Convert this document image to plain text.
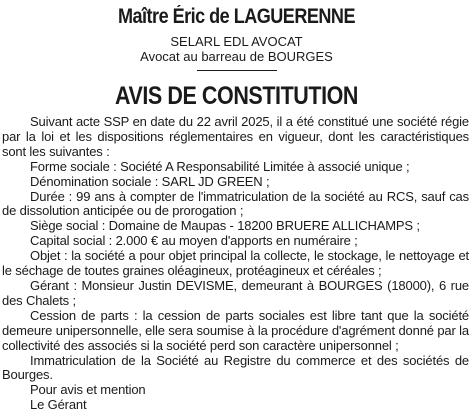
Maître Éric de LAGUERENNE
SELARL EDL AVOCAT
Avocat au barreau de BOURGES
AVIS DE CONSTITUTION

Suivant acte SSP en date du 22 avril 2025, il a été constitué une société régie par la loi et les dispositions réglementaires en vigueur, dont les caractéristiques sont les suivantes :

Forme sociale : Société A Responsabilité Limitée à associé unique ;

Dénomination sociale : SARL JD GREEN ;

Durée : 99 ans à compter de l'immatriculation de la société au RCS, sauf cas de dissolution anticipée ou de prorogation ;

Siège social : Domaine de Maupas - 18200 BRUERE ALLICHAMPS ;

Capital social : 2.000 € au moyen d'apports en numéraire ;

Objet : la société a pour objet principal la collecte, le stockage, le nettoyage et le séchage de toutes graines oléagineux, protéagineux et céréales ;

Gérant : Monsieur Justin DEVISME, demeurant à BOURGES (18000), 6 rue des Chalets ;

Cession de parts : la cession de parts sociales est libre tant que la société demeure unipersonnelle, elle sera soumise à la procédure d'agrément donné par la collectivité des associés si la société perd son caractère unipersonnel ;

Immatriculation de la Société au Registre du commerce et des sociétés de Bourges.

Pour avis et mention

Le Gérant
